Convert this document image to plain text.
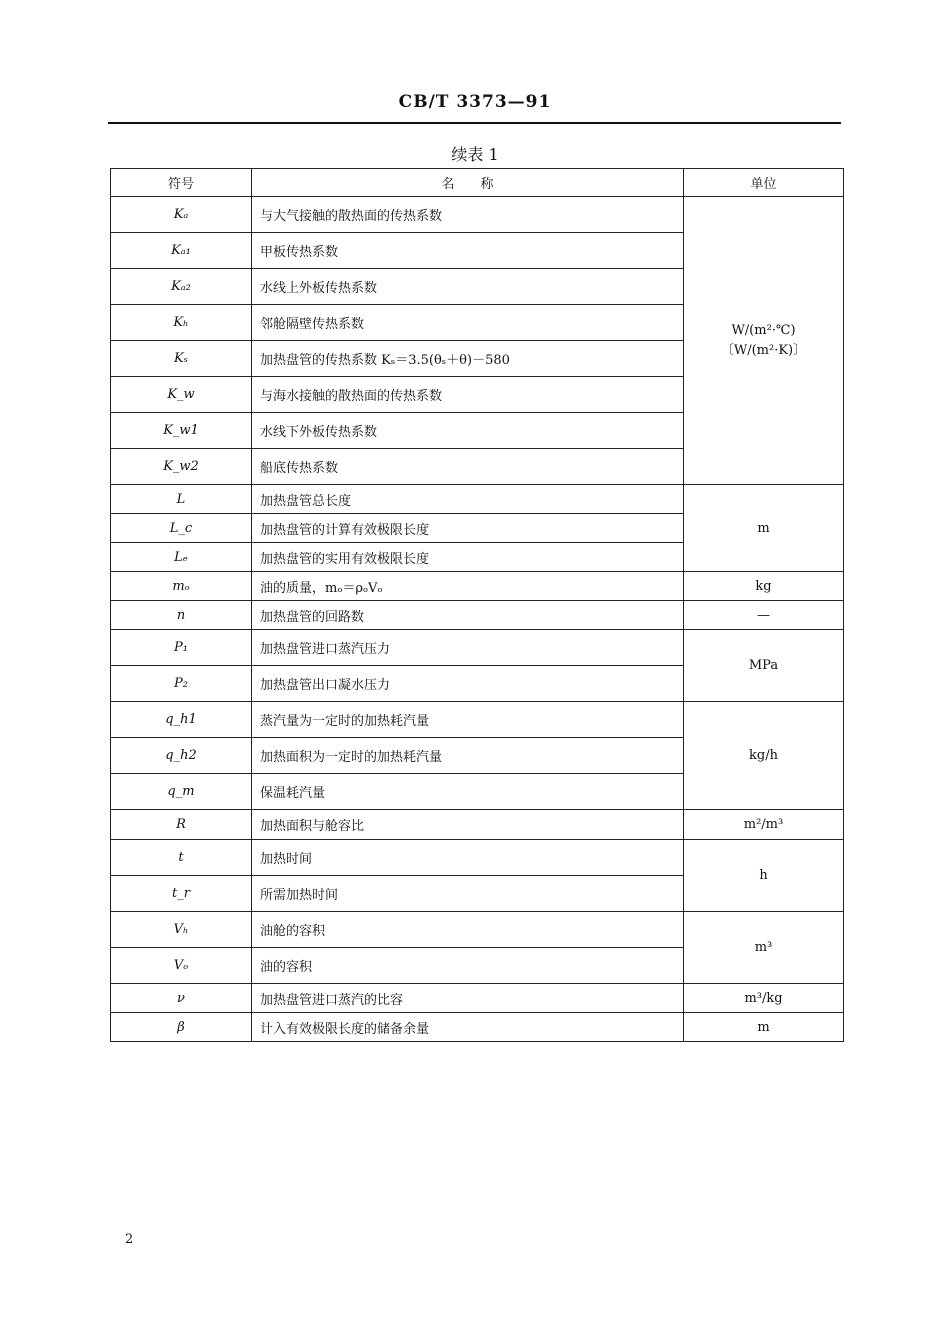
CB/T 3373—91
续表 1
符号	名　　称	单位
Kₐ	与大气接触的散热面的传热系数	W/(m²·℃)
〔W/(m²·K)〕

Kₐ₁	甲板传热系数	
Kₐ₂	水线上外板传热系数	
Kₕ	邻舱隔壁传热系数	
Kₛ	加热盘管的传热系数 Kₛ＝3.5(θₛ＋θ)－580	
K_w	与海水接触的散热面的传热系数	
K_w1	水线下外板传热系数	
K_w2	船底传热系数	
L	加热盘管总长度	m
L_c	加热盘管的计算有效极限长度	
Lₑ	加热盘管的实用有效极限长度	
mₒ	油的质量，mₒ＝ρₒVₒ	kg
n	加热盘管的回路数	—
P₁	加热盘管进口蒸汽压力	MPa
P₂	加热盘管出口凝水压力	
q_h1	蒸汽量为一定时的加热耗汽量	kg/h
q_h2	加热面积为一定时的加热耗汽量	
q_m	保温耗汽量	
R	加热面积与舱容比	m²/m³
t	加热时间	h
t_r	所需加热时间	
Vₕ	油舱的容积	m³
Vₒ	油的容积	
ν	加热盘管进口蒸汽的比容	m³/kg
β	计入有效极限长度的储备余量	m
2
